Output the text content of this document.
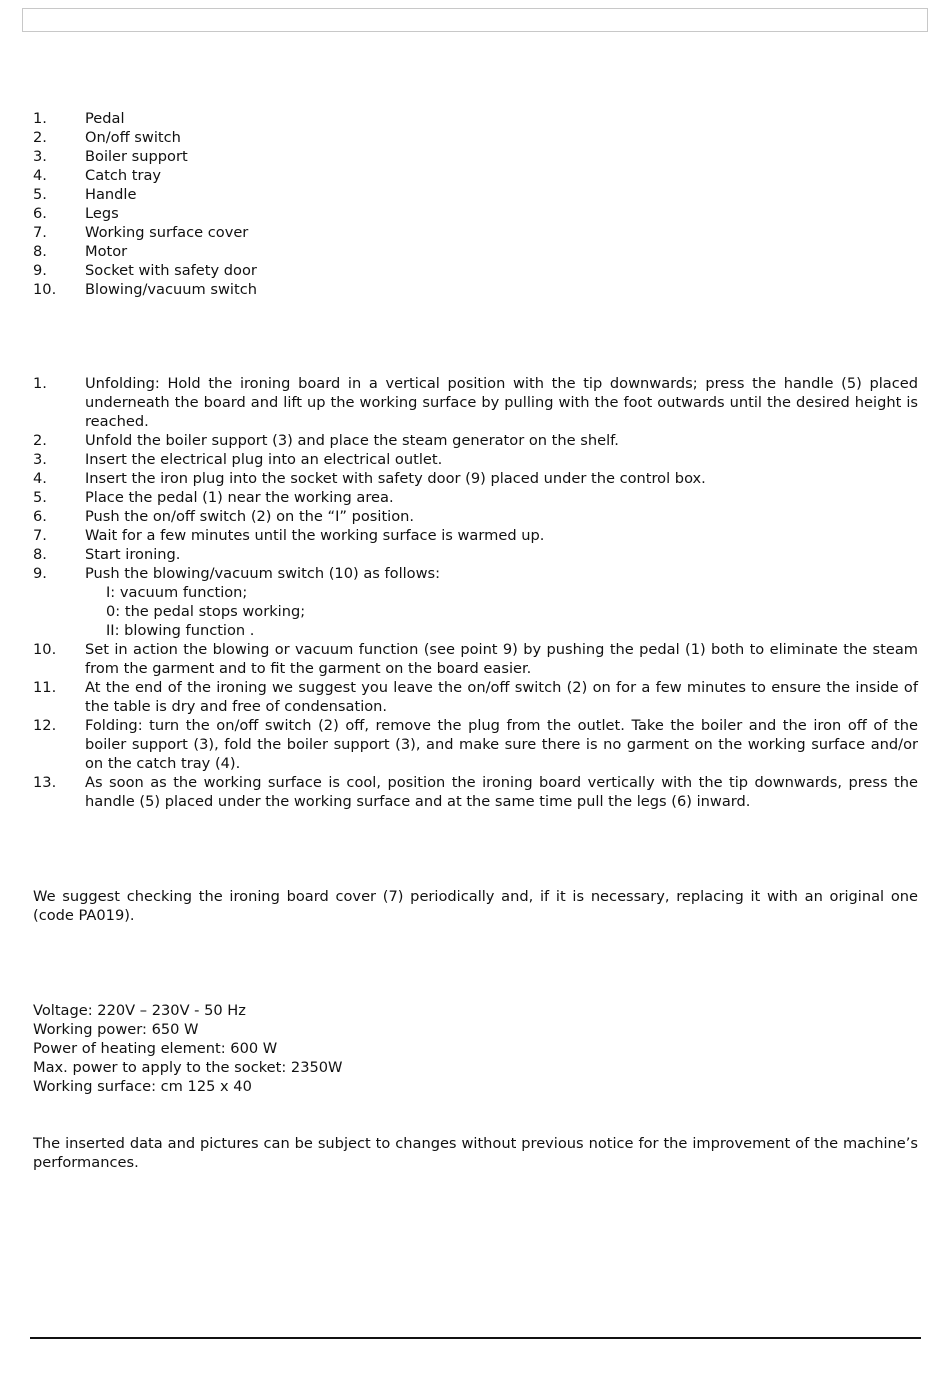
1.	Pedal
2.	On/off switch
3.	Boiler support
4.	Catch tray
5.	Handle
6.	Legs
7.	Working surface cover
8.	Motor
9.	Socket with safety door
10. Blowing/vacuum switch
1.	Unfolding: Hold the ironing board in a vertical position with the tip downwards; press the handle (5) placed underneath the board and lift up the working surface by pulling with the foot outwards until the desired height is reached.
2.	Unfold the boiler support (3) and place the steam generator on the shelf.
3.	Insert the electrical plug into an electrical outlet.
4.	Insert the iron plug into the socket with safety door (9) placed under the control box.
5.	Place the pedal (1) near the working area.
6.	Push the on/off switch (2) on the “I” position.
7.	Wait for a few minutes until the working surface is warmed up.
8.	Start ironing.
9.	Push the blowing/vacuum switch (10) as follows:
I: vacuum function;
0: the pedal stops working;
II: blowing function .
10. Set in action the blowing or vacuum function (see point 9) by pushing the pedal (1) both to eliminate the steam from the garment and to fit the garment on the board easier.
11. At the end of the ironing we suggest you leave the on/off switch (2) on for a few minutes to ensure the inside of the table is dry and free of condensation.
12. Folding: turn the on/off switch (2) off, remove the plug from the outlet. Take the boiler and the iron off of the boiler support (3), fold the boiler support (3), and make sure there is no garment on the working surface and/or on the catch tray (4).
13. As soon as the working surface is cool, position the ironing board vertically with the tip downwards, press the handle (5) placed under the working surface and at the same time pull the legs (6) inward.

We suggest checking the ironing board cover (7) periodically and, if it is necessary, replacing it with an original one (code PA019).

Voltage: 220V – 230V - 50 Hz
Working power: 650 W
Power of heating element: 600 W
Max. power to apply to the socket: 2350W
Working surface: cm 125 x 40

The inserted data and pictures can be subject to changes without previous notice for the improvement of the machine’s performances.
